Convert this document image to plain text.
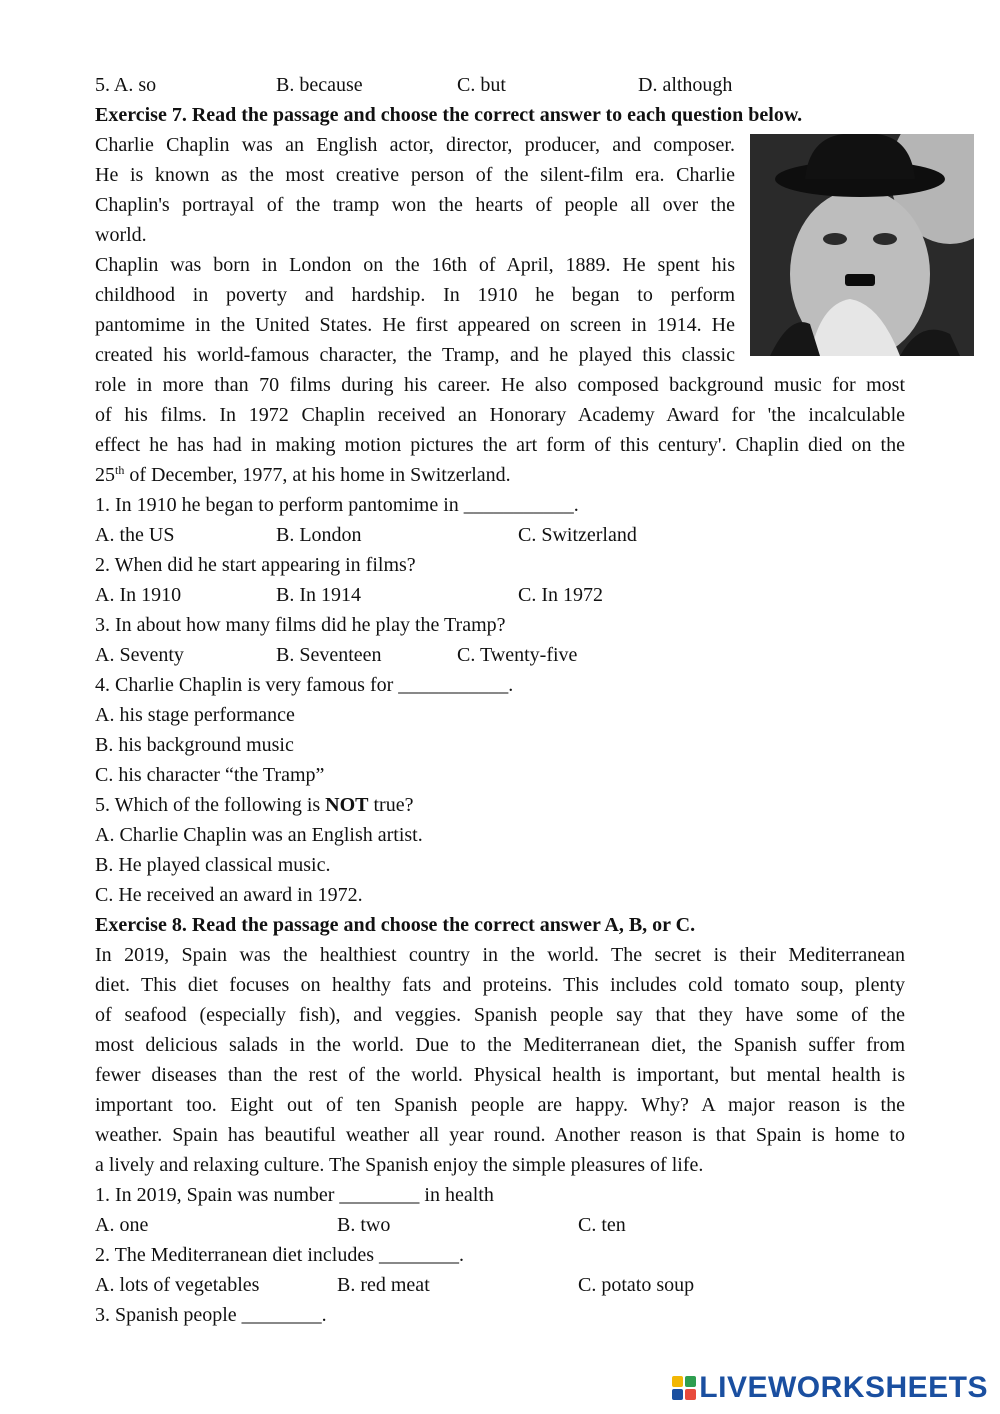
5. A. so	B. because	C. but	D. although
Exercise 7. Read the passage and choose the correct answer to each question below.
Charlie Chaplin was an English actor, director, producer, and composer.
He is known as the most creative person of the silent-film era. Charlie
Chaplin's portrayal of the tramp won the hearts of people all over the
world.
Chaplin was born in London on the 16th of April, 1889. He spent his
childhood in poverty and hardship. In 1910 he began to perform
pantomime in the United States. He first appeared on screen in 1914. He
created his world-famous character, the Tramp, and he played this classic
role in more than 70 films during his career. He also composed background music for most
of his films. In 1972 Chaplin received an Honorary Academy Award for 'the incalculable
effect he has had in making motion pictures the art form of this century'. Chaplin died on the
25th of December, 1977, at his home in Switzerland.
1. In 1910 he began to perform pantomime in ___________.
A. the US	B. London	C. Switzerland
2. When did he start appearing in films?
A. In 1910	B. In 1914	C. In 1972
3. In about how many films did he play the Tramp?
A. Seventy	B. Seventeen	C. Twenty-five
4. Charlie Chaplin is very famous for ___________.
A. his stage performance
B. his background music
C. his character “the Tramp”
5. Which of the following is NOT true?
A. Charlie Chaplin was an English artist.
B. He played classical music.
C. He received an award in 1972.
Exercise 8. Read the passage and choose the correct answer A, B, or C.
In 2019, Spain was the healthiest country in the world. The secret is their Mediterranean
diet. This diet focuses on healthy fats and proteins. This includes cold tomato soup, plenty
of seafood (especially fish), and veggies. Spanish people say that they have some of the
most delicious salads in the world. Due to the Mediterranean diet, the Spanish suffer from
fewer diseases than the rest of the world. Physical health is important, but mental health is
important too. Eight out of ten Spanish people are happy. Why? A major reason is the
weather. Spain has beautiful weather all year round. Another reason is that Spain is home to
a lively and relaxing culture. The Spanish enjoy the simple pleasures of life.
1. In 2019, Spain was number ________ in health
A. one	B. two	C. ten
2. The Mediterranean diet includes ________.
A. lots of vegetables	B. red meat	C. potato soup
3. Spanish people ________.
LIVEWORKSHEETS
